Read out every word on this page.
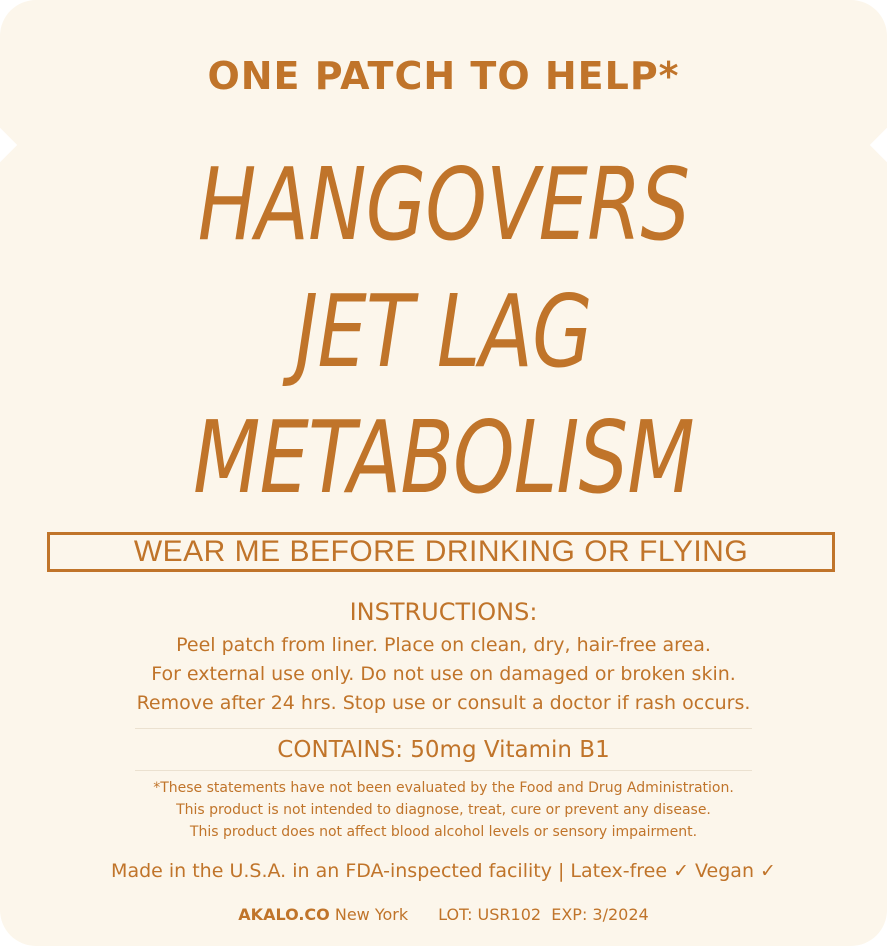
ONE PATCH TO HELP*

HANGOVERS

JET LAG

METABOLISM

WEAR ME BEFORE DRINKING OR FLYING

INSTRUCTIONS:

Peel patch from liner. Place on clean, dry, hair-free area.

For external use only. Do not use on damaged or broken skin.

Remove after 24 hrs. Stop use or consult a doctor if rash occurs.

CONTAINS: 50mg Vitamin B1

*These statements have not been evaluated by the Food and Drug Administration.

This product is not intended to diagnose, treat, cure or prevent any disease.

This product does not affect blood alcohol levels or sensory impairment.

Made in the U.S.A. in an FDA-inspected facility | Latex-free ✓ Vegan ✓

AKALO.CO New York LOT: USR102 EXP: 3/2024
